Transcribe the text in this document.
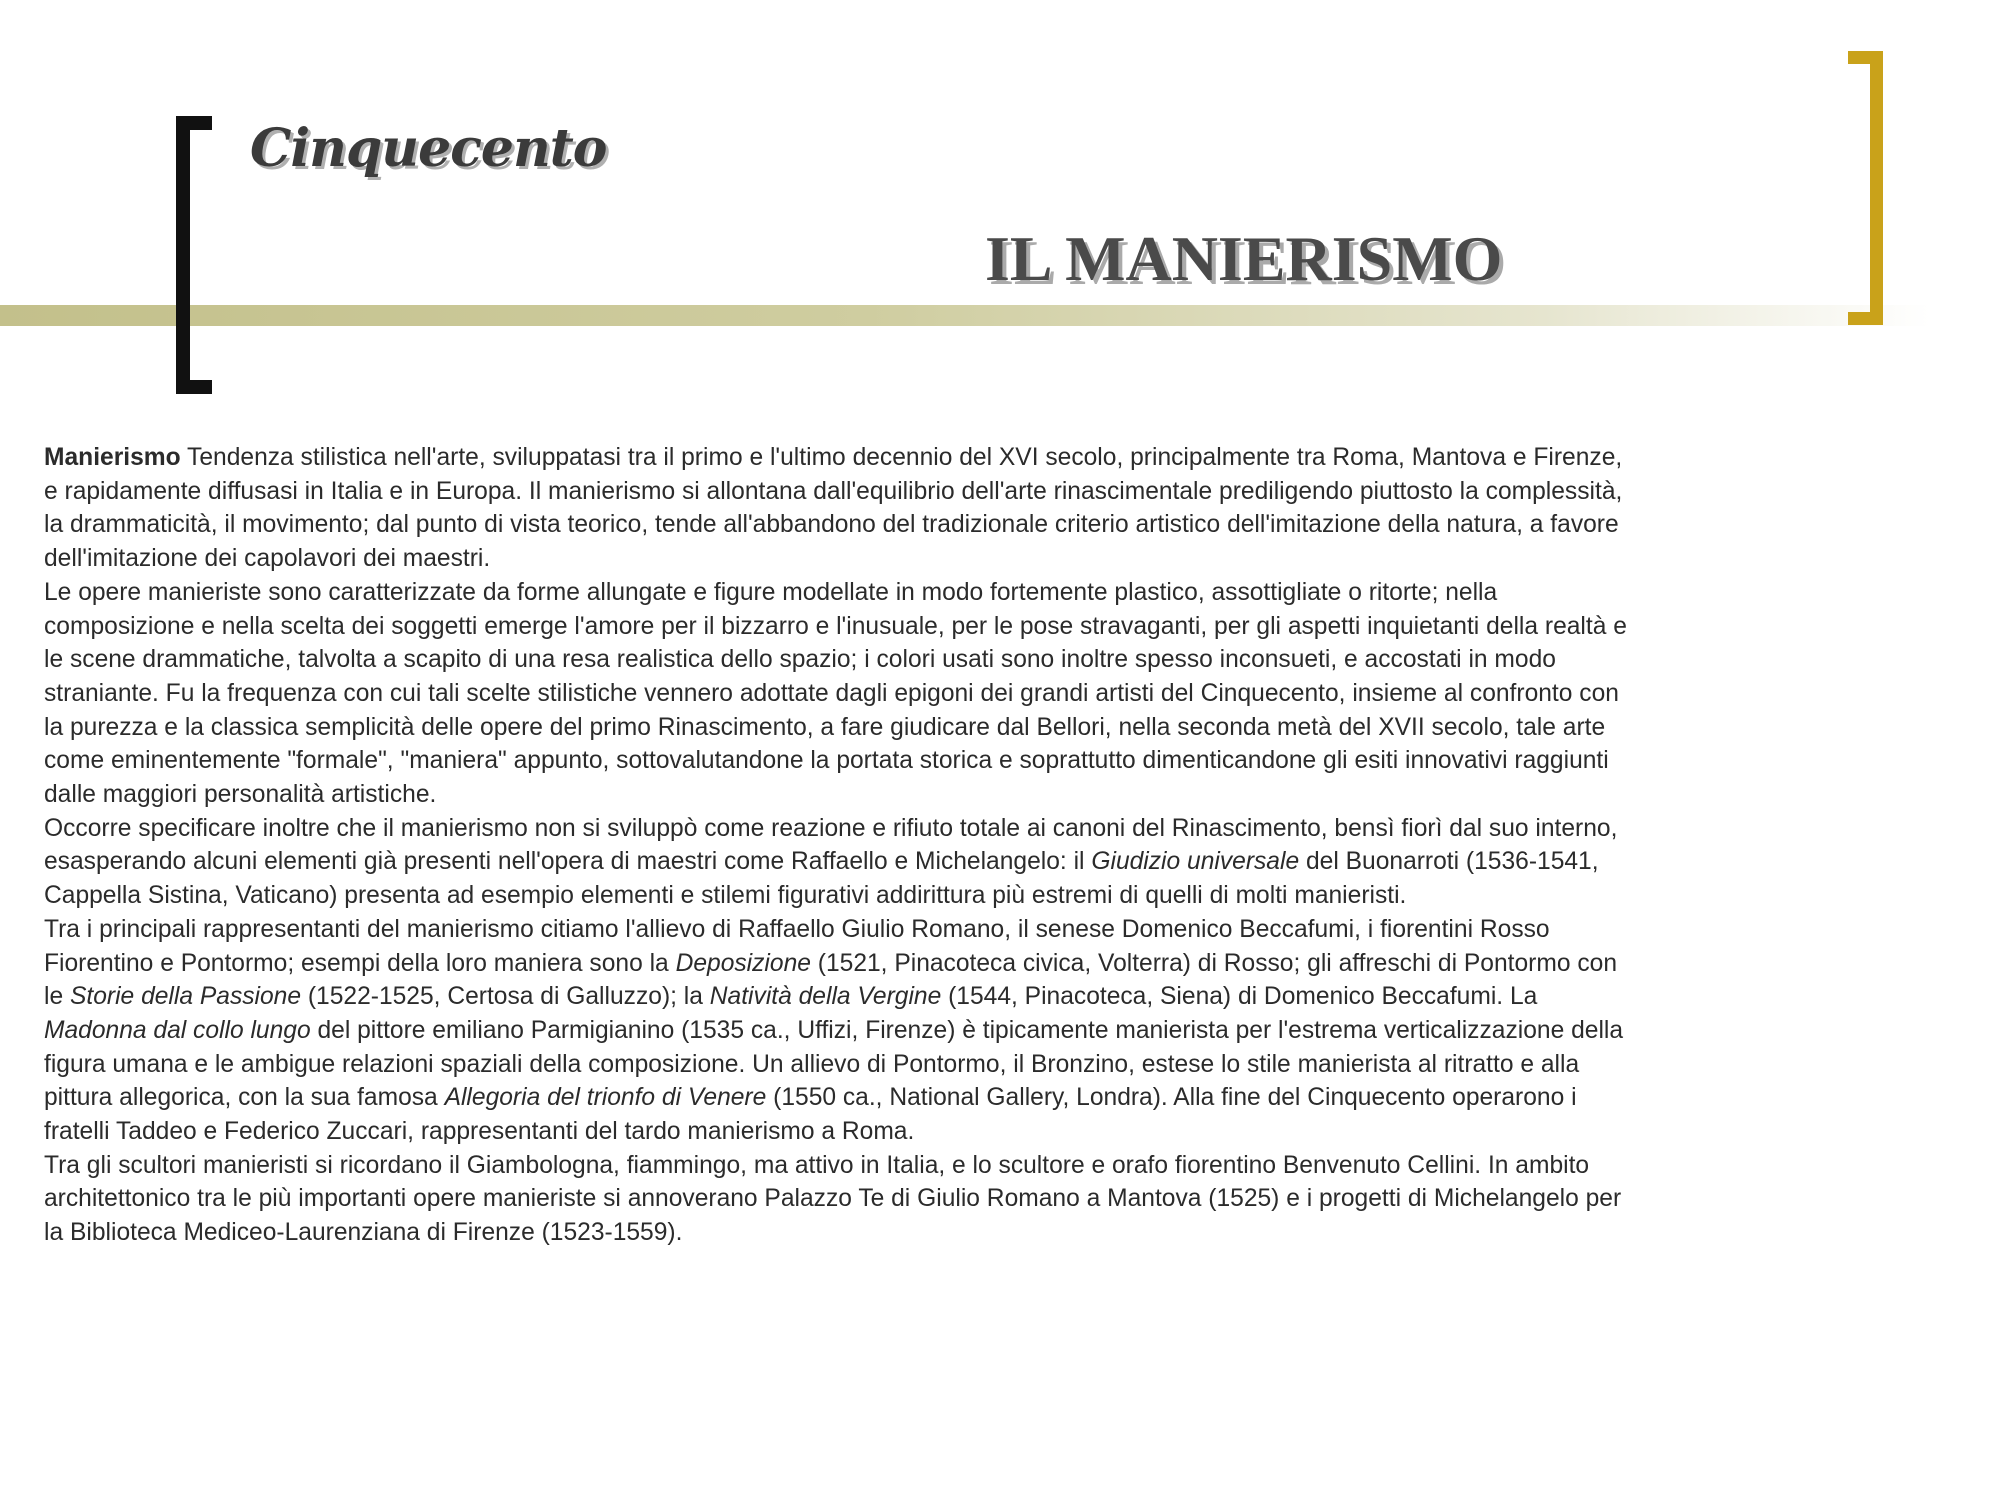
Cinquecento
IL MANIERISMO
Manierismo Tendenza stilistica nell'arte, sviluppatasi tra il primo e l'ultimo decennio del XVI secolo, principalmente tra Roma, Mantova e Firenze,
e rapidamente diffusasi in Italia e in Europa. Il manierismo si allontana dall'equilibrio dell'arte rinascimentale prediligendo piuttosto la complessità,
la drammaticità, il movimento; dal punto di vista teorico, tende all'abbandono del tradizionale criterio artistico dell'imitazione della natura, a favore
dell'imitazione dei capolavori dei maestri.
Le opere manieriste sono caratterizzate da forme allungate e figure modellate in modo fortemente plastico, assottigliate o ritorte; nella
composizione e nella scelta dei soggetti emerge l'amore per il bizzarro e l'inusuale, per le pose stravaganti, per gli aspetti inquietanti della realtà e
le scene drammatiche, talvolta a scapito di una resa realistica dello spazio; i colori usati sono inoltre spesso inconsueti, e accostati in modo
straniante. Fu la frequenza con cui tali scelte stilistiche vennero adottate dagli epigoni dei grandi artisti del Cinquecento, insieme al confronto con
la purezza e la classica semplicità delle opere del primo Rinascimento, a fare giudicare dal Bellori, nella seconda metà del XVII secolo, tale arte
come eminentemente "formale", "maniera" appunto, sottovalutandone la portata storica e soprattutto dimenticandone gli esiti innovativi raggiunti
dalle maggiori personalità artistiche.
Occorre specificare inoltre che il manierismo non si sviluppò come reazione e rifiuto totale ai canoni del Rinascimento, bensì fiorì dal suo interno,
esasperando alcuni elementi già presenti nell'opera di maestri come Raffaello e Michelangelo: il Giudizio universale del Buonarroti (1536-1541,
Cappella Sistina, Vaticano) presenta ad esempio elementi e stilemi figurativi addirittura più estremi di quelli di molti manieristi.
Tra i principali rappresentanti del manierismo citiamo l'allievo di Raffaello Giulio Romano, il senese Domenico Beccafumi, i fiorentini Rosso
Fiorentino e Pontormo; esempi della loro maniera sono la Deposizione (1521, Pinacoteca civica, Volterra) di Rosso; gli affreschi di Pontormo con
le Storie della Passione (1522-1525, Certosa di Galluzzo); la Natività della Vergine (1544, Pinacoteca, Siena) di Domenico Beccafumi. La
Madonna dal collo lungo del pittore emiliano Parmigianino (1535 ca., Uffizi, Firenze) è tipicamente manierista per l'estrema verticalizzazione della
figura umana e le ambigue relazioni spaziali della composizione. Un allievo di Pontormo, il Bronzino, estese lo stile manierista al ritratto e alla
pittura allegorica, con la sua famosa Allegoria del trionfo di Venere (1550 ca., National Gallery, Londra). Alla fine del Cinquecento operarono i
fratelli Taddeo e Federico Zuccari, rappresentanti del tardo manierismo a Roma.
Tra gli scultori manieristi si ricordano il Giambologna, fiammingo, ma attivo in Italia, e lo scultore e orafo fiorentino Benvenuto Cellini. In ambito
architettonico tra le più importanti opere manieriste si annoverano Palazzo Te di Giulio Romano a Mantova (1525) e i progetti di Michelangelo per
la Biblioteca Mediceo-Laurenziana di Firenze (1523-1559).
